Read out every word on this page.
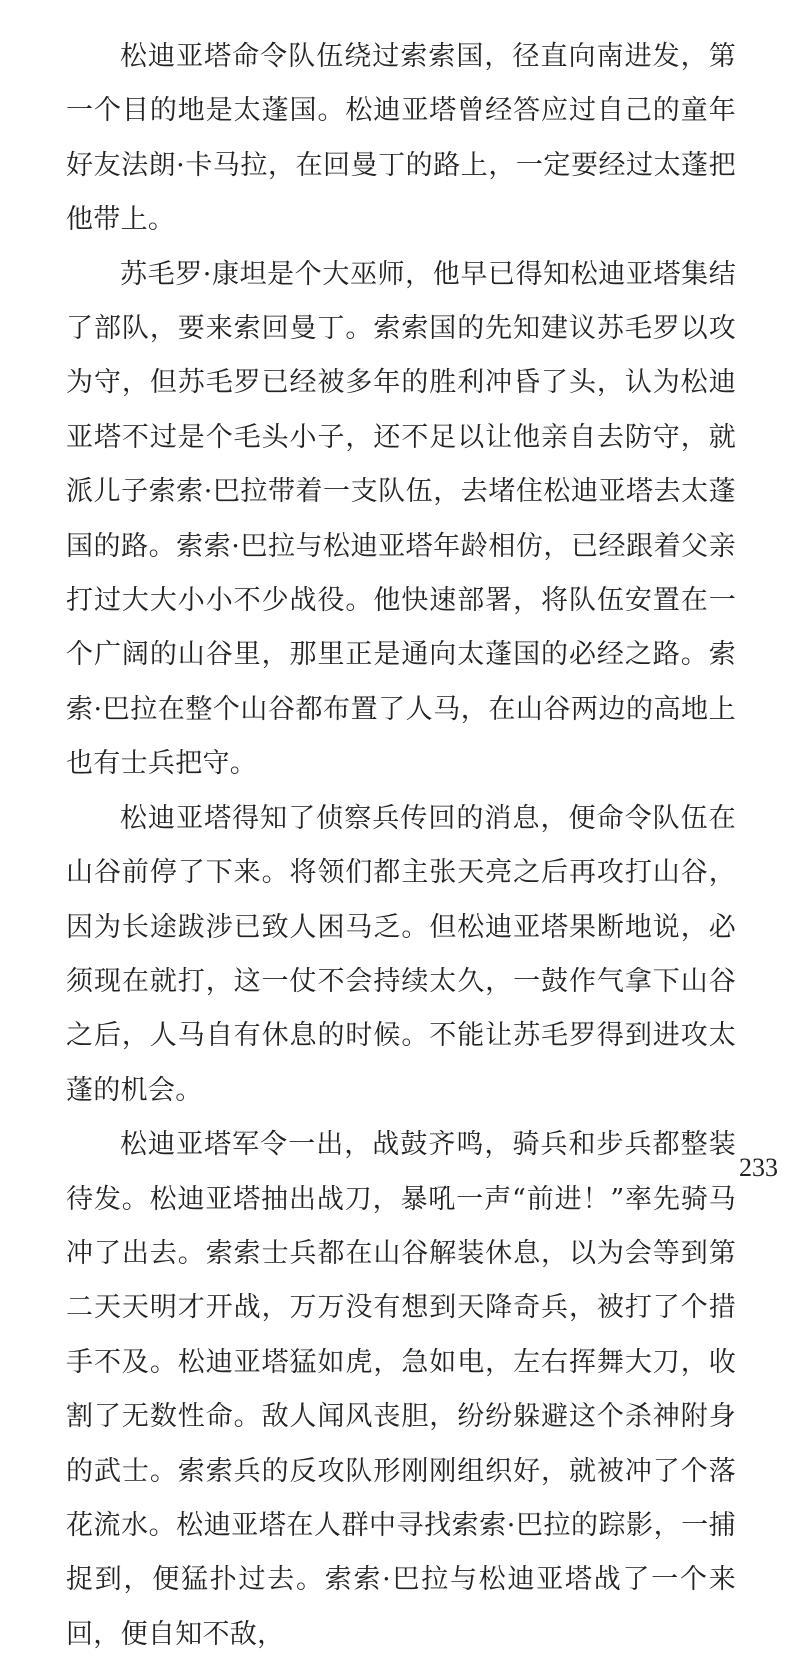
松迪亚塔命令队伍绕过索索国，径直向南进发，第一个目的地是太蓬国。松迪亚塔曾经答应过自己的童年好友法朗·卡马拉，在回曼丁的路上，一定要经过太蓬把他带上。

苏毛罗·康坦是个大巫师，他早已得知松迪亚塔集结了部队，要来索回曼丁。索索国的先知建议苏毛罗以攻为守，但苏毛罗已经被多年的胜利冲昏了头，认为松迪亚塔不过是个毛头小子，还不足以让他亲自去防守，就派儿子索索·巴拉带着一支队伍，去堵住松迪亚塔去太蓬国的路。索索·巴拉与松迪亚塔年龄相仿，已经跟着父亲打过大大小小不少战役。他快速部署，将队伍安置在一个广阔的山谷里，那里正是通向太蓬国的必经之路。索索·巴拉在整个山谷都布置了人马，在山谷两边的高地上也有士兵把守。

松迪亚塔得知了侦察兵传回的消息，便命令队伍在山谷前停了下来。将领们都主张天亮之后再攻打山谷，因为长途跋涉已致人困马乏。但松迪亚塔果断地说，必须现在就打，这一仗不会持续太久，一鼓作气拿下山谷之后，人马自有休息的时候。不能让苏毛罗得到进攻太蓬的机会。

松迪亚塔军令一出，战鼓齐鸣，骑兵和步兵都整装待发。松迪亚塔抽出战刀，暴吼一声“前进！”率先骑马冲了出去。索索士兵都在山谷解装休息，以为会等到第二天天明才开战，万万没有想到天降奇兵，被打了个措手不及。松迪亚塔猛如虎，急如电，左右挥舞大刀，收割了无数性命。敌人闻风丧胆，纷纷躲避这个杀神附身的武士。索索兵的反攻队形刚刚组织好，就被冲了个落花流水。松迪亚塔在人群中寻找索索·巴拉的踪影，一捕捉到，便猛扑过去。索索·巴拉与松迪亚塔战了一个来回，便自知不敌，

233
